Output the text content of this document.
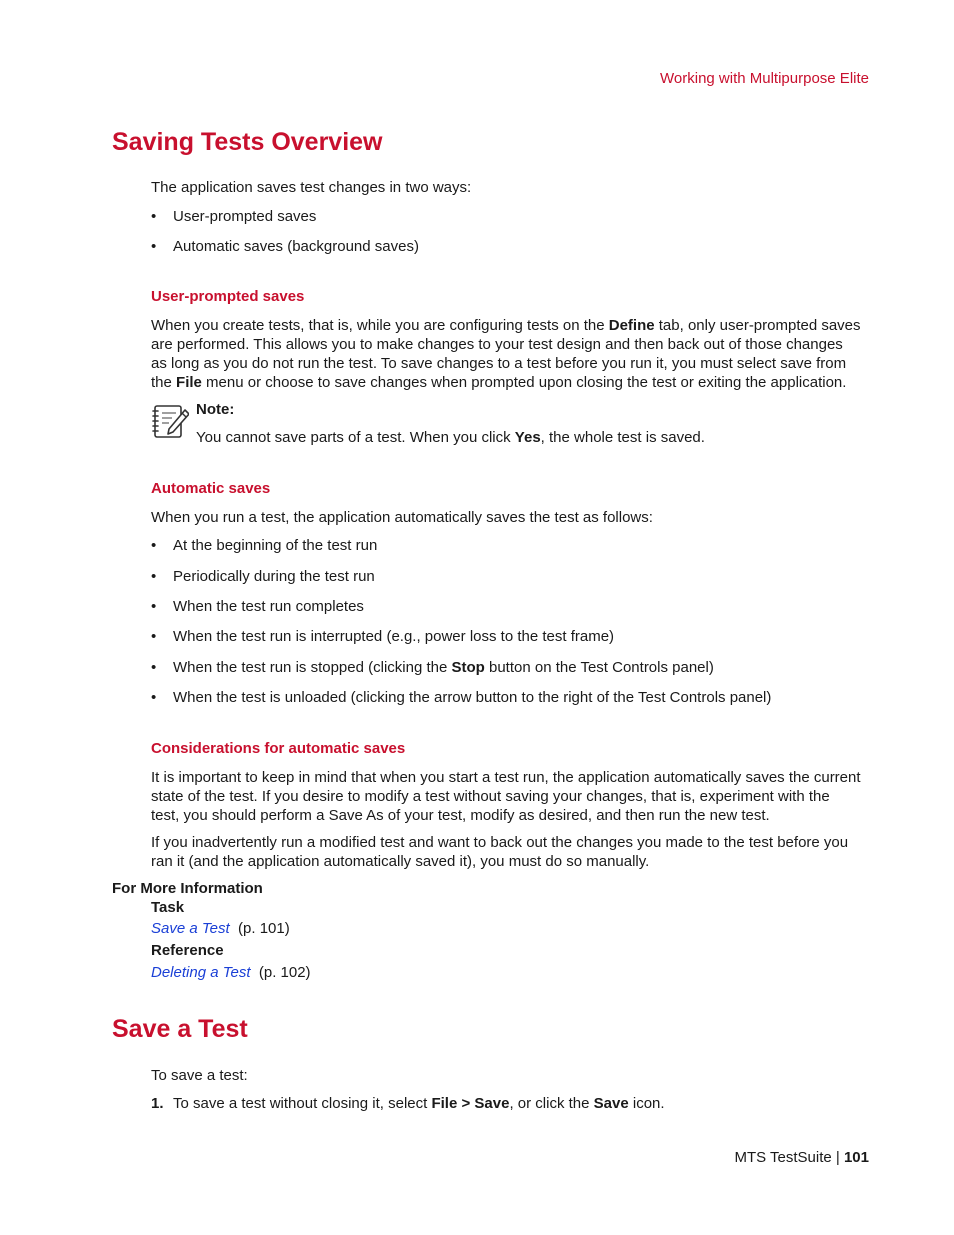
Working with Multipurpose Elite
Saving Tests Overview
The application saves test changes in two ways:
• User-prompted saves
• Automatic saves (background saves)
User-prompted saves
When you create tests, that is, while you are configuring tests on the Define tab, only user-prompted saves
are performed. This allows you to make changes to your test design and then back out of those changes
as long as you do not run the test. To save changes to a test before you run it, you must select save from
the File menu or choose to save changes when prompted upon closing the test or exiting the application.
Note:
You cannot save parts of a test. When you click Yes, the whole test is saved.
Automatic saves
When you run a test, the application automatically saves the test as follows:
• At the beginning of the test run
• Periodically during the test run
• When the test run completes
• When the test run is interrupted (e.g., power loss to the test frame)
• When the test run is stopped (clicking the Stop button on the Test Controls panel)
• When the test is unloaded (clicking the arrow button to the right of the Test Controls panel)
Considerations for automatic saves
It is important to keep in mind that when you start a test run, the application automatically saves the current
state of the test. If you desire to modify a test without saving your changes, that is, experiment with the
test, you should perform a Save As of your test, modify as desired, and then run the new test.
If you inadvertently run a modified test and want to back out the changes you made to the test before you
ran it (and the application automatically saved it), you must do so manually.
For More Information
Task
Save a Test (p. 101)
Reference
Deleting a Test (p. 102)
Save a Test
To save a test:
1. To save a test without closing it, select File > Save, or click the Save icon.
MTS TestSuite | 101
